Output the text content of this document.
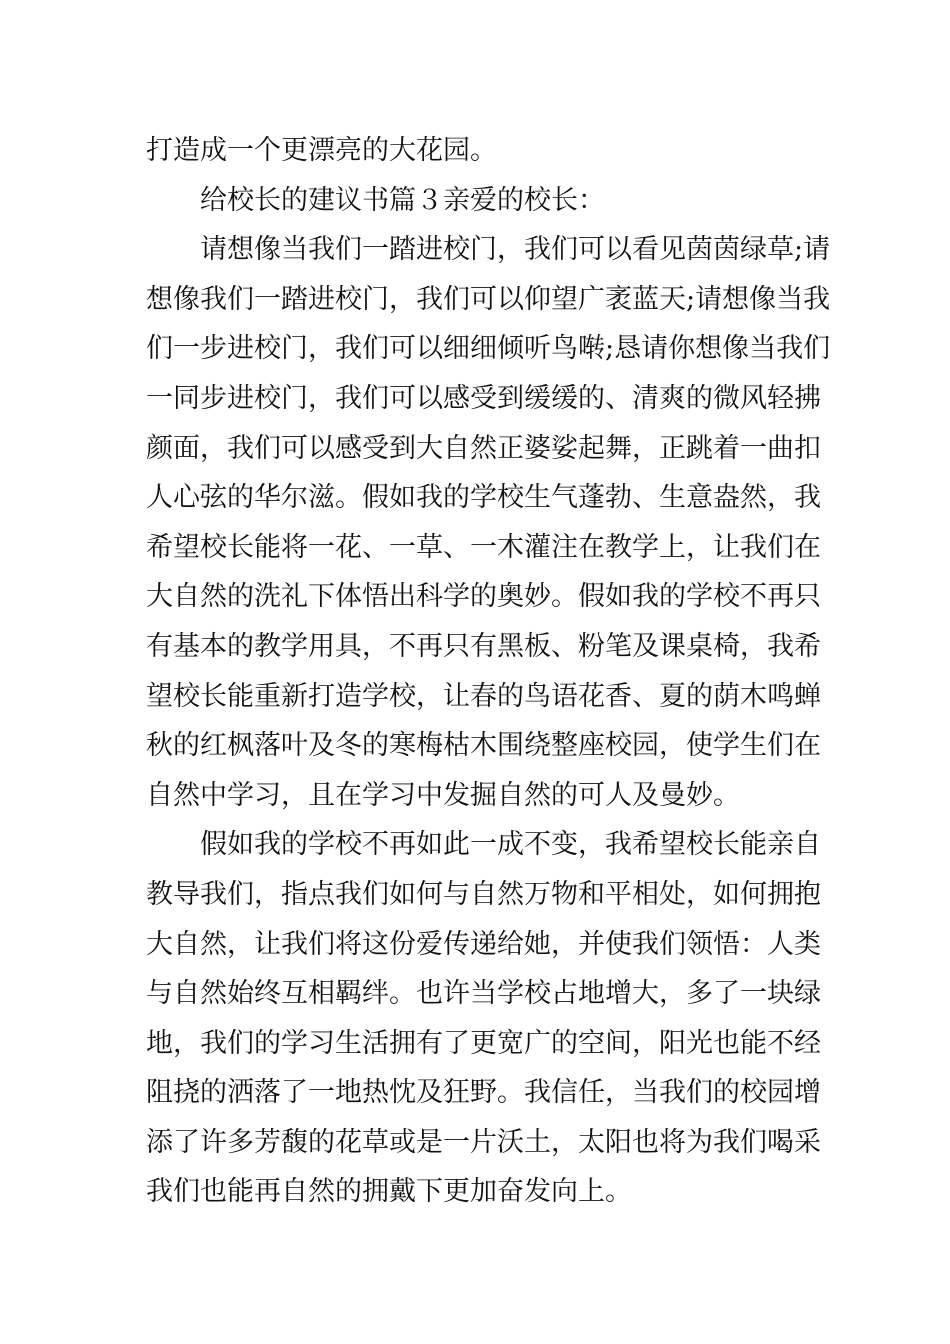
打造成一个更漂亮的大花园。

给校长的建议书篇３亲爱的校长：

请想像当我们一踏进校门，我们可以看见茵茵绿草;请
想像我们一踏进校门，我们可以仰望广袤蓝天;请想像当我
们一步进校门，我们可以细细倾听鸟啭;恳请你想像当我们
一同步进校门，我们可以感受到缓缓的、清爽的微风轻拂
颜面，我们可以感受到大自然正婆娑起舞，正跳着一曲扣
人心弦的华尔滋。假如我的学校生气蓬勃、生意盎然，我
希望校长能将一花、一草、一木灌注在教学上，让我们在
大自然的洗礼下体悟出科学的奥妙。假如我的学校不再只
有基本的教学用具，不再只有黑板、粉笔及课桌椅，我希
望校长能重新打造学校，让春的鸟语花香、夏的荫木鸣蝉
秋的红枫落叶及冬的寒梅枯木围绕整座校园，使学生们在
自然中学习，且在学习中发掘自然的可人及曼妙。

假如我的学校不再如此一成不变，我希望校长能亲自
教导我们，指点我们如何与自然万物和平相处，如何拥抱
大自然，让我们将这份爱传递给她，并使我们领悟：人类
与自然始终互相羁绊。也许当学校占地增大，多了一块绿
地，我们的学习生活拥有了更宽广的空间，阳光也能不经
阻挠的洒落了一地热忱及狂野。我信任，当我们的校园增
添了许多芳馥的花草或是一片沃土，太阳也将为我们喝采
我们也能再自然的拥戴下更加奋发向上。
